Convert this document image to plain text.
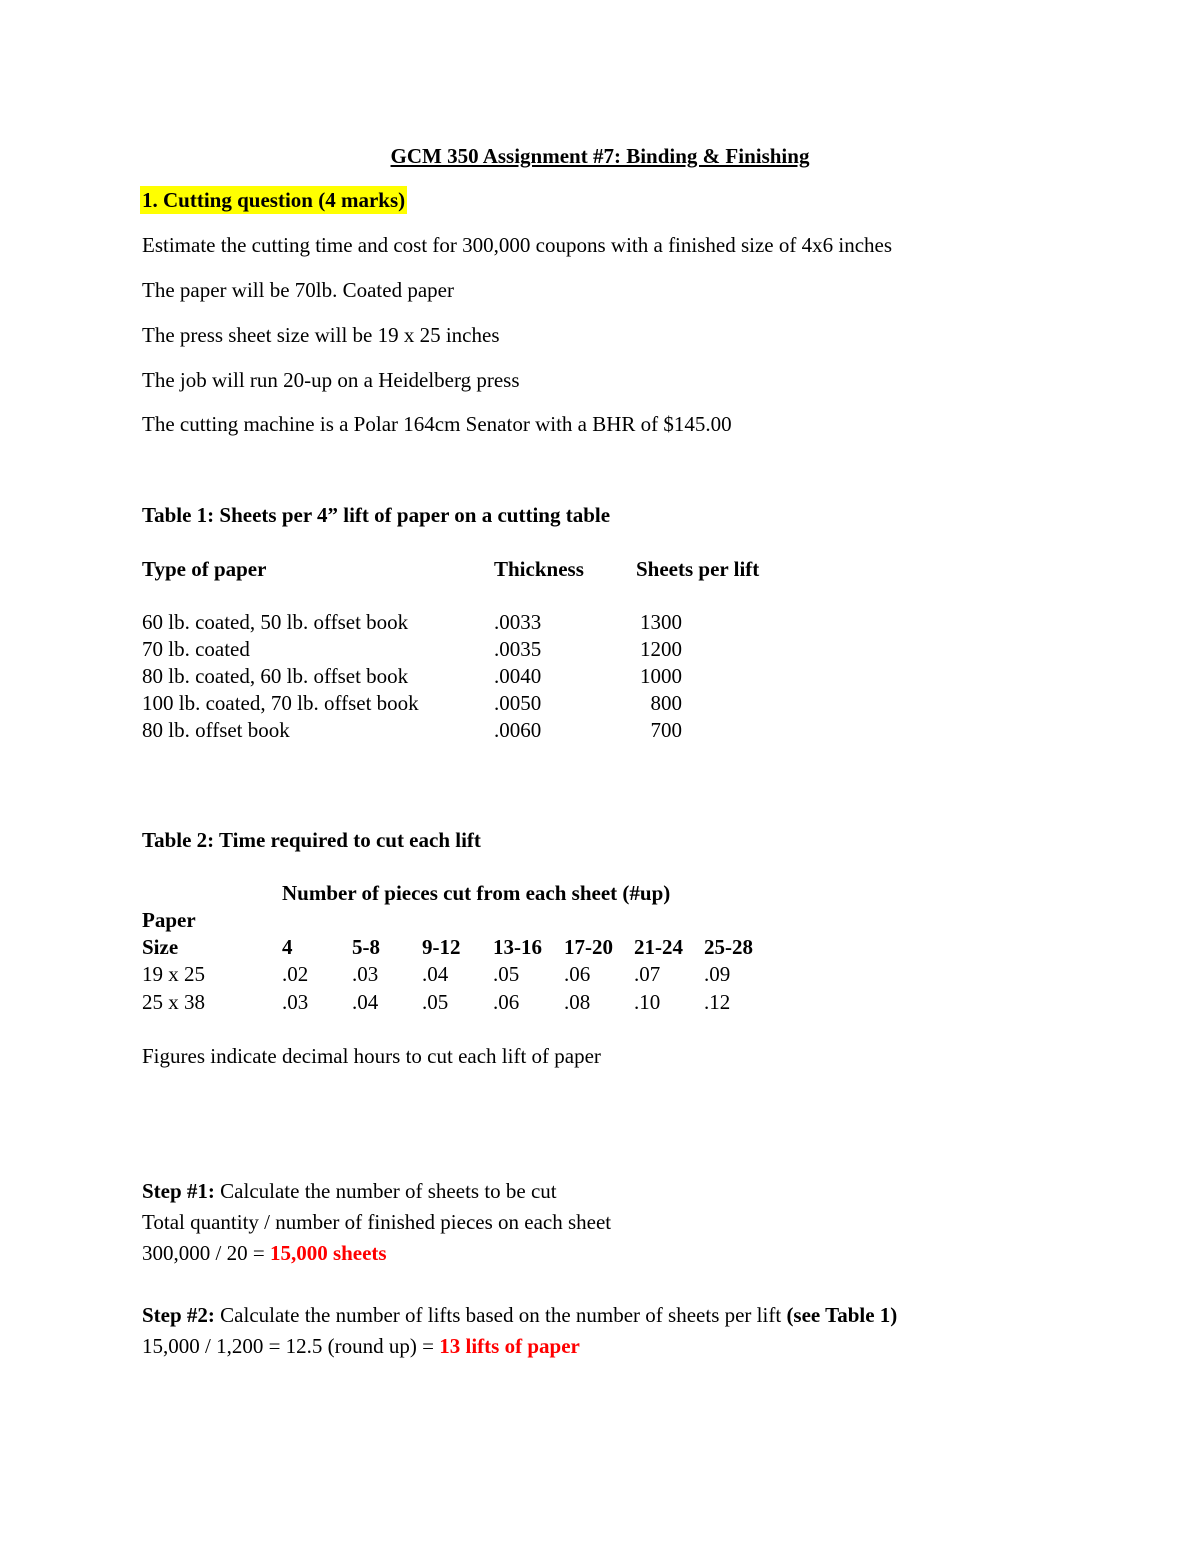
GCM 350 Assignment #7: Binding & Finishing
1. Cutting question (4 marks)
Estimate the cutting time and cost for 300,000 coupons with a finished size of 4x6 inches
The paper will be 70lb. Coated paper
The press sheet size will be 19 x 25 inches
The job will run 20-up on a Heidelberg press
The cutting machine is a Polar 164cm Senator with a BHR of $145.00
Table 1: Sheets per 4” lift of paper on a cutting table
Type of paper	Thickness Sheets per lift
60 lb. coated, 50 lb. offset book	.0033	1300
70 lb. coated	.0035	1200
80 lb. coated, 60 lb. offset book	.0040	1000
100 lb. coated, 70 lb. offset book	.0050	800
80 lb. offset book	.0060	700
Table 2: Time required to cut each lift
Number of pieces cut from each sheet (#up)
Paper
Size	4	5-8 9-12 13-16 17-20 21-24 25-28
19 x 25	.02 .03 .04 .05 .06 .07 .09
25 x 38	.03 .04 .05 .06 .08 .10 .12
Figures indicate decimal hours to cut each lift of paper
Step #1: Calculate the number of sheets to be cut
Total quantity / number of finished pieces on each sheet
300,000 / 20 = 15,000 sheets
Step #2: Calculate the number of lifts based on the number of sheets per lift (see Table 1)
15,000 / 1,200 = 12.5 (round up) = 13 lifts of paper
